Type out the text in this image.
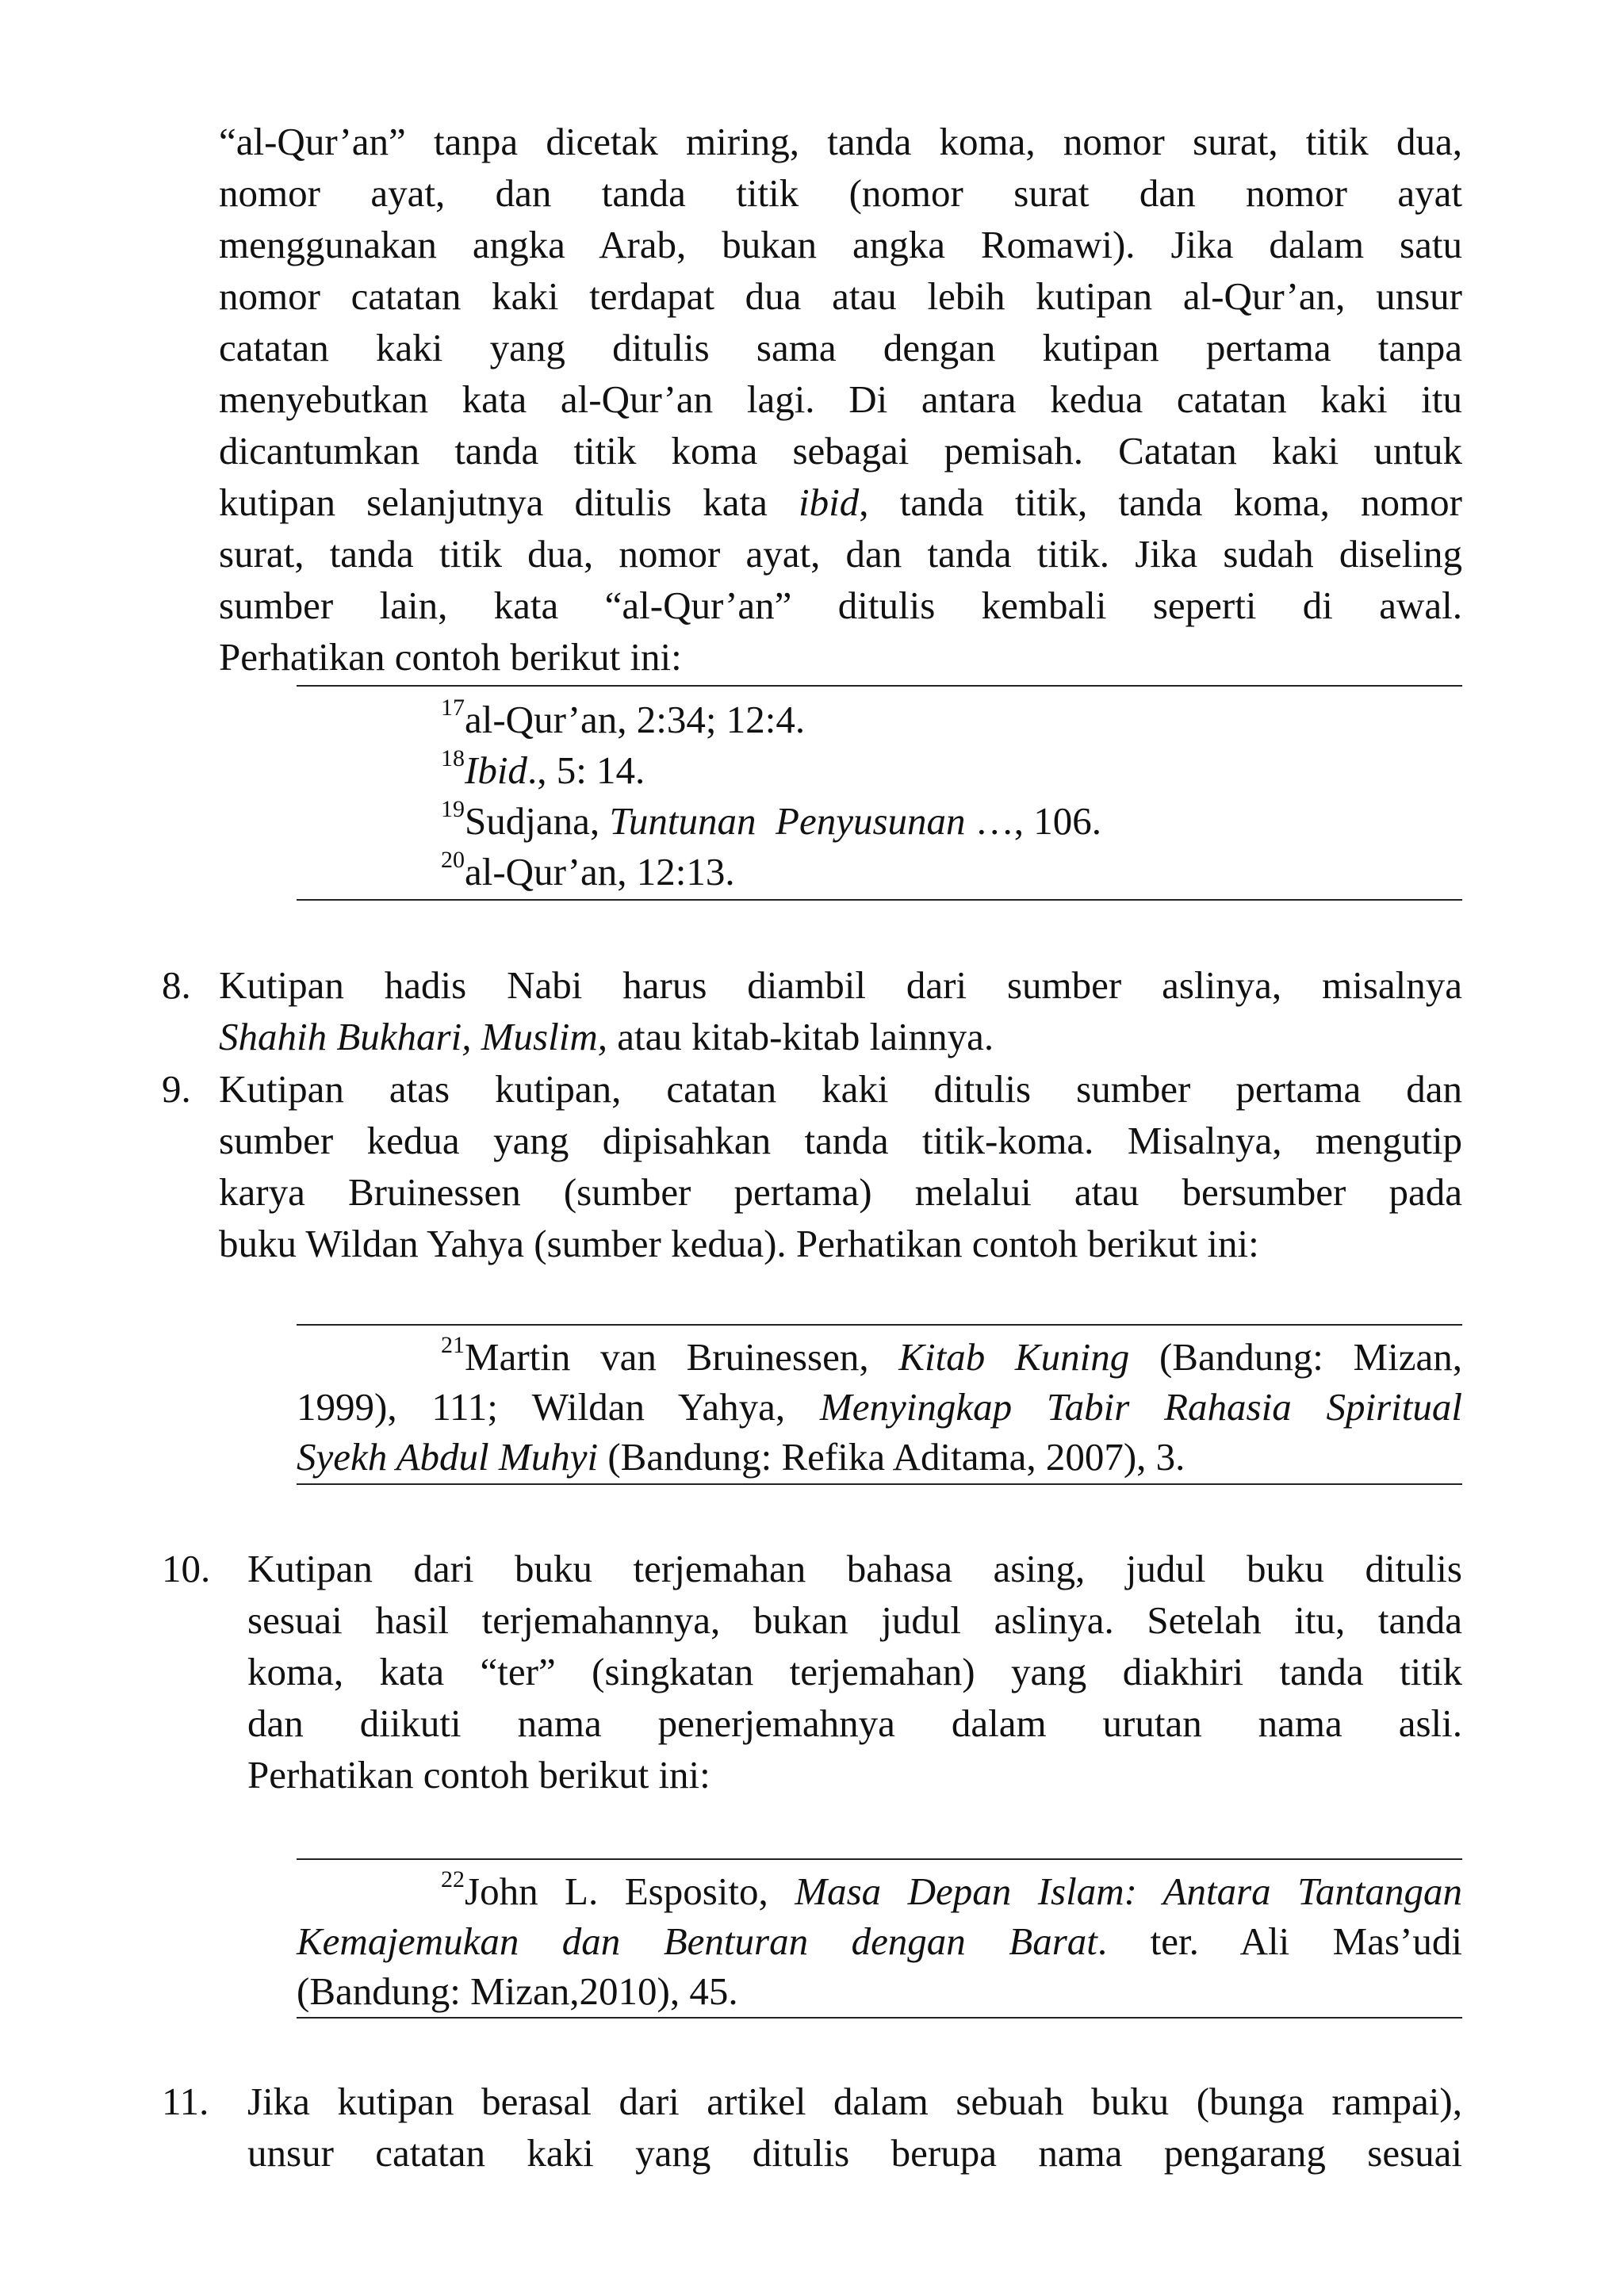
“al-Qur’an” tanpa dicetak miring, tanda koma, nomor surat, titik dua,
nomor ayat, dan tanda titik (nomor surat dan nomor ayat
menggunakan angka Arab, bukan angka Romawi). Jika dalam satu
nomor catatan kaki terdapat dua atau lebih kutipan al-Qur’an, unsur
catatan kaki yang ditulis sama dengan kutipan pertama tanpa
menyebutkan kata al-Qur’an lagi. Di antara kedua catatan kaki itu
dicantumkan tanda titik koma sebagai pemisah. Catatan kaki untuk
kutipan selanjutnya ditulis kata ibid, tanda titik, tanda koma, nomor
surat, tanda titik dua, nomor ayat, dan tanda titik. Jika sudah diseling
sumber lain, kata “al-Qur’an” ditulis kembali seperti di awal.
Perhatikan contoh berikut ini:
$^{17}$al-Qur’an, 2:34; 12:4.
$^{18}$Ibid., 5: 14.
$^{19}$Sudjana, Tuntunan  Penyusunan …, 106.
$^{20}$al-Qur’an, 12:13.
8. Kutipan hadis Nabi harus diambil dari sumber aslinya, misalnya
Shahih Bukhari, Muslim, atau kitab-kitab lainnya.
9. Kutipan atas kutipan, catatan kaki ditulis sumber pertama dan
sumber kedua yang dipisahkan tanda titik-koma. Misalnya, mengutip
karya Bruinessen (sumber pertama) melalui atau bersumber pada
buku Wildan Yahya (sumber kedua). Perhatikan contoh berikut ini:
$^{21}$Martin van Bruinessen, Kitab Kuning (Bandung: Mizan,
1999), 111; Wildan Yahya, Menyingkap Tabir Rahasia Spiritual
Syekh Abdul Muhyi (Bandung: Refika Aditama, 2007), 3.
10. Kutipan dari buku terjemahan bahasa asing, judul buku ditulis
sesuai hasil terjemahannya, bukan judul aslinya. Setelah itu, tanda
koma, kata “ter” (singkatan terjemahan) yang diakhiri tanda titik
dan diikuti nama penerjemahnya dalam urutan nama asli.
Perhatikan contoh berikut ini:
$^{22}$John L. Esposito, Masa Depan Islam: Antara Tantangan
Kemajemukan dan Benturan dengan Barat. ter. Ali Mas’udi
(Bandung: Mizan,2010), 45.
11. Jika kutipan berasal dari artikel dalam sebuah buku (bunga rampai),
unsur catatan kaki yang ditulis berupa nama pengarang sesuai
